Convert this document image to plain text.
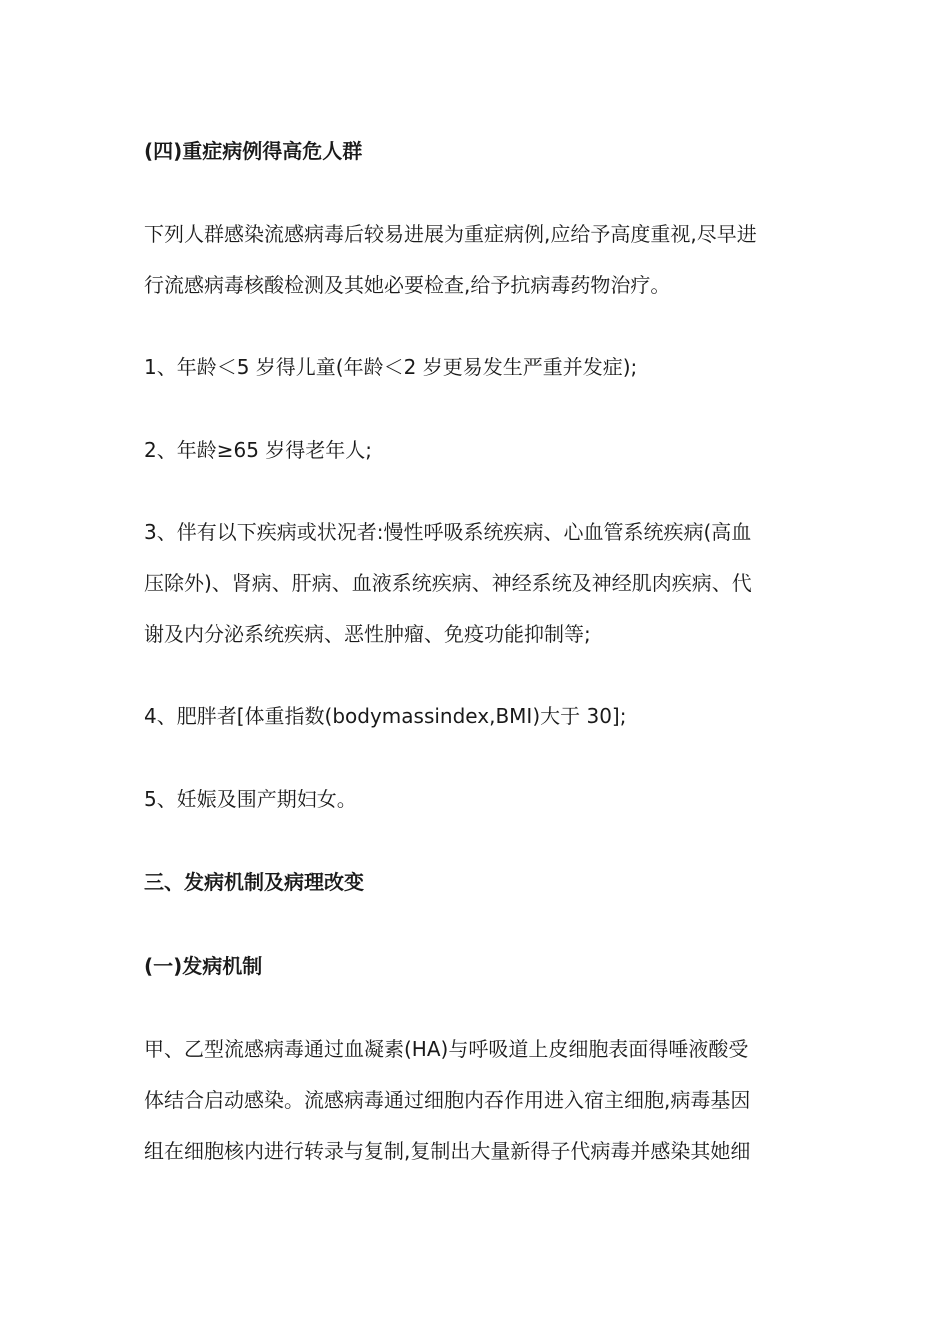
(四)重症病例得高危人群

下列人群感染流感病毒后较易进展为重症病例,应给予高度重视,尽早进
行流感病毒核酸检测及其她必要检查,给予抗病毒药物治疗。

1、年龄＜5 岁得儿童(年龄＜2 岁更易发生严重并发症);

2、年龄≥65 岁得老年人;

3、伴有以下疾病或状况者:慢性呼吸系统疾病、心血管系统疾病(高血
压除外)、肾病、肝病、血液系统疾病、神经系统及神经肌肉疾病、代
谢及内分泌系统疾病、恶性肿瘤、免疫功能抑制等;

4、肥胖者[体重指数(bodymassindex,BMI)大于 30];

5、妊娠及围产期妇女。

三、发病机制及病理改变

(一)发病机制

甲、乙型流感病毒通过血凝素(HA)与呼吸道上皮细胞表面得唾液酸受
体结合启动感染。流感病毒通过细胞内吞作用进入宿主细胞,病毒基因
组在细胞核内进行转录与复制,复制出大量新得子代病毒并感染其她细
